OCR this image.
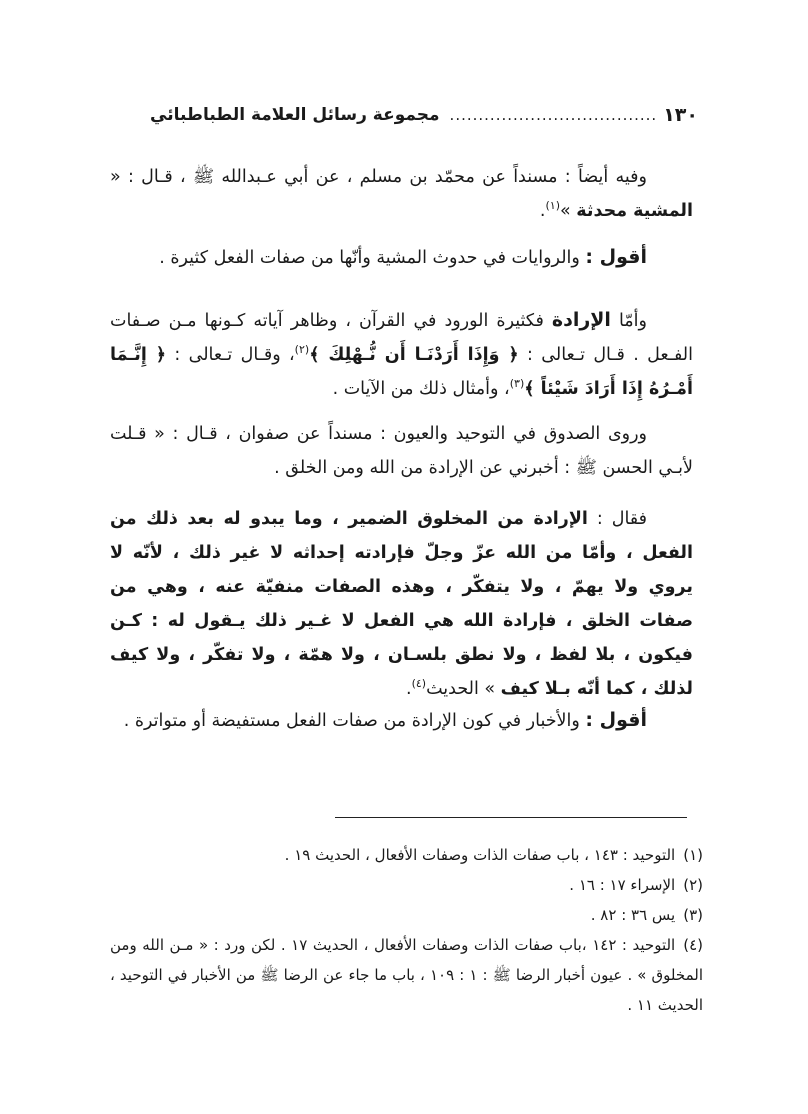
١٣٠
....................................
مجموعة رسائل العلامة الطباطبائي
وفيه أيضاً : مسنداً عن محمّد بن مسلم ، عن أبي عـبدالله ﷺ ، قـال : « المشية محدثة »$^{(١)}$.
أقول : والروايات في حدوث المشية وأنّها من صفات الفعل كثيرة .
وأمّا الإرادة فكثيرة الورود في القرآن ، وظاهر آياته كـونها مـن صـفات الفـعل . قـال تـعالى : ﴿ وَإِذَا أَرَدْنَـا أَن نُّـهْلِكَ ﴾$^{(٢)}$، وقـال تـعالى : ﴿ إِنَّـمَا أَمْـرُهُ إِذَا أَرَادَ شَيْئاً ﴾$^{(٣)}$، وأمثال ذلك من الآيات .
وروى الصدوق في التوحيد والعيون : مسنداً عن صفوان ، قـال : « قـلت لأبـي الحسن ﷺ : أخبرني عن الإرادة من الله ومن الخلق .
فقال : الإرادة من المخلوق الضمير ، وما يبدو له بعد ذلك من الفعل ، وأمّا من الله عزّ وجلّ فإرادته إحداثه لا غير ذلك ، لأنّه لا يروي ولا يهمّ ، ولا يتفكّر ، وهذه الصفات منفيّة عنه ، وهي من صفات الخلق ، فإرادة الله هي الفعل لا غـير ذلك يـقول له : كـن فيكون ، بلا لفظ ، ولا نطق بلسـان ، ولا همّة ، ولا تفكّر ، ولا كيف لذلك ، كما أنّه بـلا كيف » الحديث$^{(٤)}$.
أقول : والأخبار في كون الإرادة من صفات الفعل مستفيضة أو متواترة .
(١)التوحيد : ١٤٣ ، باب صفات الذات وصفات الأفعال ، الحديث ١٩ .
(٢)الإسراء ١٧ : ١٦ .
(٣)يس ٣٦ : ٨٢ .
(٤)التوحيد : ١٤٢ ،باب صفات الذات وصفات الأفعال ، الحديث ١٧ . لكن ورد : « مـن الله ومن المخلوق » . عيون أخبار الرضا ﷺ : ١ : ١٠٩ ، باب ما جاء عن الرضا ﷺ من الأخبار في التوحيد ، الحديث ١١ .
